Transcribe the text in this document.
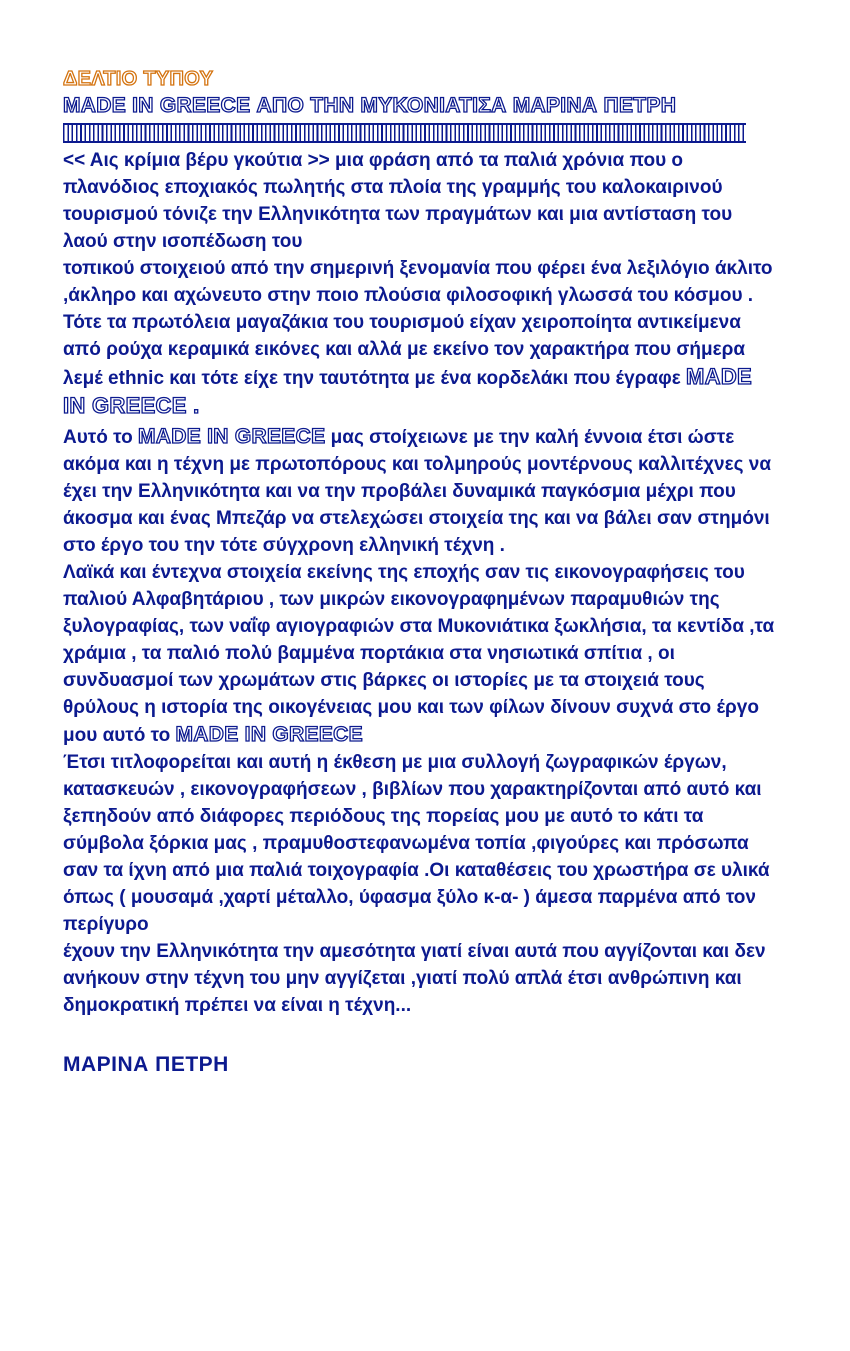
ΔΕΛΤΙΟ ΤΥΠΟΥ
MADE IN GREECE ΑΠΟ ΤΗΝ ΜΥΚΟΝΙΑΤΙΣΑ ΜΑΡΙΝΑ ΠΕΤΡΗ

<< Αις κρίμια βέρυ γκούτια >> μια φράση από τα παλιά χρόνια που ο πλανόδιος εποχιακός πωλητής στα πλοία της γραμμής του καλοκαιρινού τουρισμού τόνιζε την Ελληνικότητα των πραγμάτων και μια αντίσταση του λαού στην ισοπέδωση του

τοπικού στοιχειού από την σημερινή ξενομανία που φέρει ένα λεξιλόγιο άκλιτο ,άκληρο και αχώνευτο στην ποιο πλούσια φιλοσοφική γλωσσά του κόσμου . Τότε τα πρωτόλεια μαγαζάκια του τουρισμού είχαν χειροποίητα αντικείμενα από ρούχα κεραμικά εικόνες και αλλά με εκείνο τον χαρακτήρα που σήμερα λεμέ ethnic και τότε είχε την ταυτότητα με ένα κορδελάκι που έγραφε MADE IN GREECE .

Αυτό το MADE IN GREECE μας στοίχειωνε με την καλή έννοια έτσι ώστε ακόμα και η τέχνη με πρωτοπόρους και τολμηρούς μοντέρνους καλλιτέχνες να έχει την Ελληνικότητα και να την προβάλει δυναμικά παγκόσμια μέχρι που άκοσμα και ένας Μπεζάρ να στελεχώσει στοιχεία της και να βάλει σαν στημόνι στο έργο του την τότε σύγχρονη ελληνική τέχνη .

Λαϊκά και έντεχνα στοιχεία εκείνης της εποχής σαν τις εικονογραφήσεις του παλιού Αλφαβητάριου , των μικρών εικονογραφημένων παραμυθιών της ξυλογραφίας, των ναΐφ αγιογραφιών στα Μυκονιάτικα ξωκλήσια, τα κεντίδα ,τα χράμια , τα παλιό πολύ βαμμένα πορτάκια στα νησιωτικά σπίτια , οι συνδυασμοί των χρωμάτων στις βάρκες οι ιστορίες με τα στοιχειά τους θρύλους η ιστορία της οικογένειας μου και των φίλων δίνουν συχνά στο έργο μου αυτό το MADE IN GREECE

Έτσι τιτλοφορείται και αυτή η έκθεση με μια συλλογή ζωγραφικών έργων, κατασκευών , εικονογραφήσεων , βιβλίων που χαρακτηρίζονται από αυτό και ξεπηδούν από διάφορες περιόδους της πορείας μου με αυτό το κάτι τα σύμβολα ξόρκια μας , πραμυθοστεφανωμένα τοπία ,φιγούρες και πρόσωπα σαν τα ίχνη από μια παλιά τοιχογραφία .Οι καταθέσεις του χρωστήρα σε υλικά όπως ( μουσαμά ,χαρτί μέταλλο, ύφασμα ξύλο κ-α- ) άμεσα παρμένα από τον περίγυρο

έχουν την Ελληνικότητα την αμεσότητα γιατί είναι αυτά που αγγίζονται και δεν ανήκουν στην τέχνη του μην αγγίζεται ,γιατί πολύ απλά έτσι ανθρώπινη και δημοκρατική πρέπει να είναι η τέχνη...

ΜΑΡΙΝΑ ΠΕΤΡΗ
